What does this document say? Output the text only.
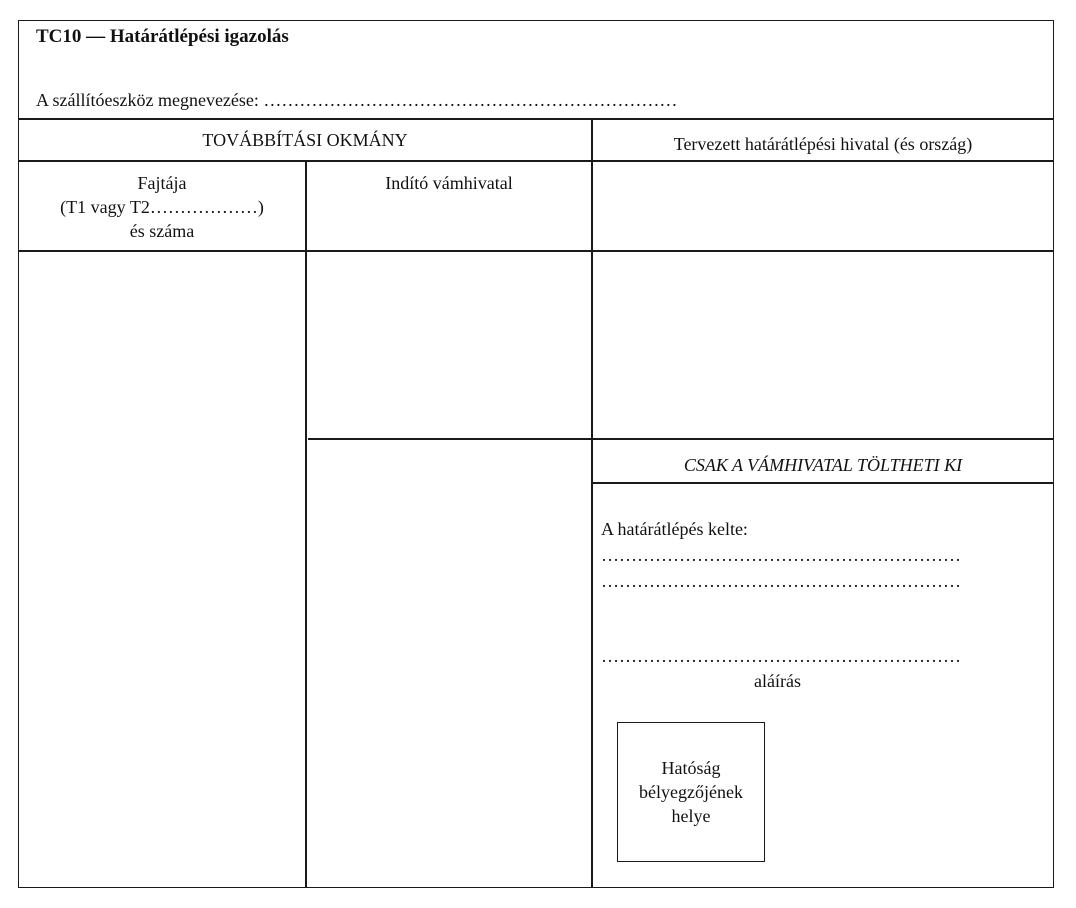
TC10 — Határátlépési igazolás
A szállítóeszköz megnevezése: ……………………………………………………………
TOVÁBBÍTÁSI OKMÁNY	Tervezett határátlépési hivatal (és ország)
Fajtája
(T1 vagy T2………………)
és száma
Indító vámhivatal
CSAK A VÁMHIVATAL TÖLTHETI KI
A határátlépés kelte:
……………………………………………………
……………………………………………………
……………………………………………………
aláírás
Hatóság
bélyegzőjének
helye
